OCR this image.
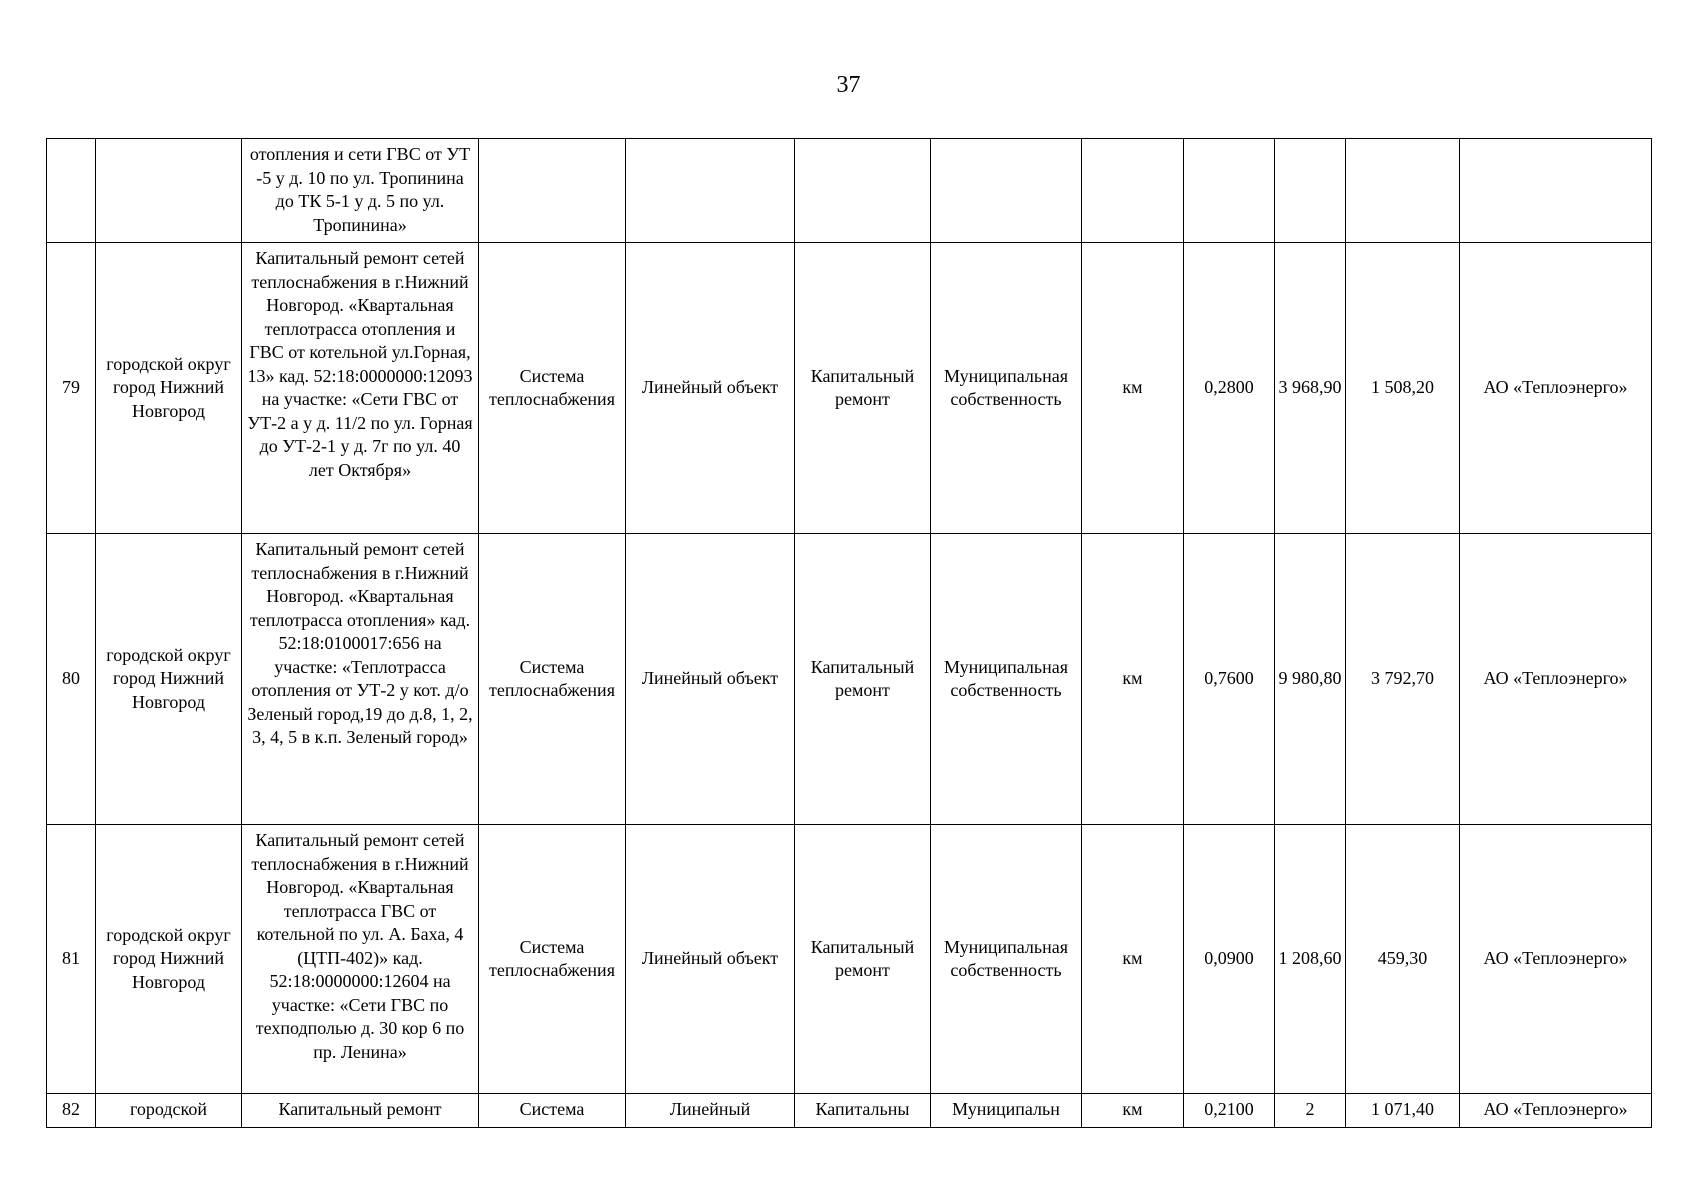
37
		отопления и сети ГВС от УТ -5 у д. 10 по ул. Тропинина до ТК 5-1 у д. 5 по ул. Тропинина»									
79	городской округ город Нижний Новгород	Капитальный ремонт сетей теплоснабжения в г.Нижний Новгород. «Квартальная теплотрасса отопления и ГВС от котельной ул.Горная, 13» кад. 52:18:0000000:12093 на участке: «Сети ГВС от УТ-2 а у д. 11/2 по ул. Горная до УТ-2-1 у д. 7г по ул. 40 лет Октября»	Система теплоснабжения	Линейный объект	Капитальный ремонт	Муниципальная собственность	км	0,2800	3 968,90	1 508,20	АО «Теплоэнерго»
80	городской округ город Нижний Новгород	Капитальный ремонт сетей теплоснабжения в г.Нижний Новгород. «Квартальная теплотрасса отопления» кад. 52:18:0100017:656 на участке: «Теплотрасса отопления от УТ-2 у кот. д/о Зеленый город,19 до д.8, 1, 2, 3, 4, 5 в к.п. Зеленый город»	Система теплоснабжения	Линейный объект	Капитальный ремонт	Муниципальная собственность	км	0,7600	9 980,80	3 792,70	АО «Теплоэнерго»
81	городской округ город Нижний Новгород	Капитальный ремонт сетей теплоснабжения в г.Нижний Новгород. «Квартальная теплотрасса ГВС от котельной по ул. А. Баха, 4 (ЦТП-402)» кад. 52:18:0000000:12604 на участке: «Сети ГВС по техподполью д. 30 кор 6 по пр. Ленина»	Система теплоснабжения	Линейный объект	Капитальный ремонт	Муниципальная собственность	км	0,0900	1 208,60	459,30	АО «Теплоэнерго»
82	городской	Капитальный ремонт	Система	Линейный	Капитальны	Муниципальн	км	0,2100	2	1 071,40	АО «Теплоэнерго»
